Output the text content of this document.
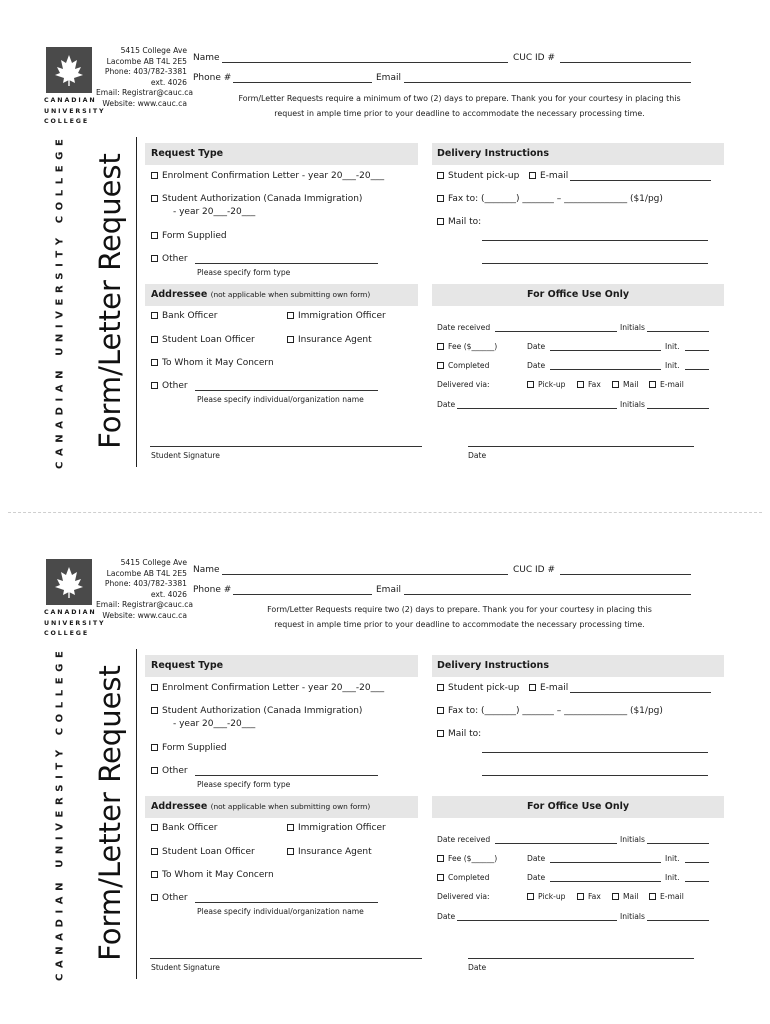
CANADIAN
UNIVERSITY
COLLEGE
5415 College Ave
Lacombe AB T4L 2E5
Phone: 403/782-3381
ext. 4026
Email: Registrar@cauc.ca
Website: www.cauc.ca
Name	CUC ID #
Phone #	Email
Form/Letter Requests require a minimum of two (2) days to prepare. Thank you for your courtesy in placing this
request in ample time prior to your deadline to accommodate the necessary processing time.
CANADIAN UNIVERSITY COLLEGE Form/Letter Request	Request Type
Enrolment Confirmation Letter - year 20___-20___
Student Authorization (Canada Immigration)
- year 20___-20___
Form Supplied
Other
Please specify form type
Delivery Instructions
Student pick-up	E-mail
Fax to: (_______) _______ – ______________ ($1/pg)
Mail to:
Addressee (not applicable when submitting own form)
Bank Officer	Immigration Officer
Student Loan Officer	Insurance Agent
To Whom it May Concern
Other
Please specify individual/organization name
For Office Use Only
Date received	Initials
Fee ($______)	Date	Init.
Completed	Date	Init.
Delivered via:	Pick-up	Fax	Mail	E-mail
Date	Initials
Student Signature	Date
CANADIAN
UNIVERSITY
COLLEGE
5415 College Ave
Lacombe AB T4L 2E5
Phone: 403/782-3381
ext. 4026
Email: Registrar@cauc.ca
Website: www.cauc.ca
Name	CUC ID #
Phone #	Email
Form/Letter Requests require two (2) days to prepare. Thank you for your courtesy in placing this
request in ample time prior to your deadline to accommodate the necessary processing time.
CANADIAN UNIVERSITY COLLEGE Form/Letter Request	Request Type
Enrolment Confirmation Letter - year 20___-20___
Student Authorization (Canada Immigration)
- year 20___-20___
Form Supplied
Other
Please specify form type
Delivery Instructions
Student pick-up	E-mail
Fax to: (_______) _______ – ______________ ($1/pg)
Mail to:
Addressee (not applicable when submitting own form)
Bank Officer	Immigration Officer
Student Loan Officer	Insurance Agent
To Whom it May Concern
Other
Please specify individual/organization name
For Office Use Only
Date received	Initials
Fee ($______)	Date	Init.
Completed	Date	Init.
Delivered via:	Pick-up	Fax	Mail	E-mail
Date	Initials
Student Signature	Date
